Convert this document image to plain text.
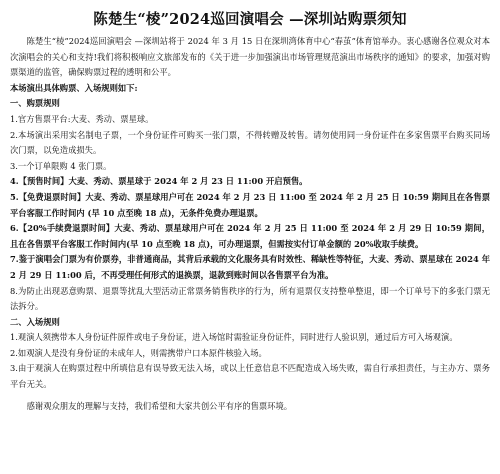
陈楚生“棱”2024巡回演唱会 —深圳站购票须知

陈楚生“棱”2024巡回演唱会 —深圳站将于 2024 年 3 月 15 日在深圳湾体育中心“春茧”体育馆举办。衷心感谢各位观众对本次演唱会的关心和支持!我们将积极响应文旅部发布的《关于进一步加强演出市场管理规范演出市场秩序的通知》的要求，加强对购票渠道的监管，确保购票过程的透明和公平。

本场演出具体购票、入场规则如下:

一、购票规则

1.官方售票平台:大麦、秀动、票星球。

2.本场演出采用实名制电子票，一个身份证件可购买一张门票，不得转赠及转售。请勿使用同一身份证件在多家售票平台购买同场次门票，以免造成损失。

3.一个订单限购 4 张门票。

4.【预售时间】大麦、秀动、票星球于 2024 年 2 月 23 日 11:00 开启预售。

5.【免费退票时间】大麦、秀动、票星球用户可在 2024 年 2 月 23 日 11:00 至 2024 年 2 月 25 日 10:59 期间且在各售票平台客服工作时间内 (早 10 点至晚 18 点)，无条件免费办理退票。

6.【20%手续费退票时间】大麦、秀动、票星球用户可在 2024 年 2 月 25 日 11:00 至 2024 年 2 月 29 日 10:59 期间，且在各售票平台客服工作时间内(早 10 点至晚 18 点)，可办理退票，但需按实付订单金额的 20%收取手续费。

7.鉴于演唱会门票为有价票券，非普通商品，其背后承载的文化服务具有时效性、稀缺性等特征，大麦、秀动、票星球在 2024 年 2 月 29 日 11:00 后，不再受理任何形式的退换票，退款到账时间以各售票平台为准。

8.为防止出现恶意购票、退票等扰乱大型活动正常票务销售秩序的行为，所有退票仅支持整单整退，即一个订单号下的多张门票无法拆分。

二、入场规则

1.观演人须携带本人身份证件原件或电子身份证，进入场馆时需验证身份证件，同时进行人验识别，通过后方可入场观演。

2.如观演人是没有身份证的未成年人，则需携带户口本原件核验入场。

3.由于观演人在购票过程中所填信息有误导致无法入场，或以上任意信息不匹配造成入场失败，需自行承担责任，与主办方、票务平台无关。

感谢观众朋友的理解与支持，我们希望和大家共创公平有序的售票环境。
